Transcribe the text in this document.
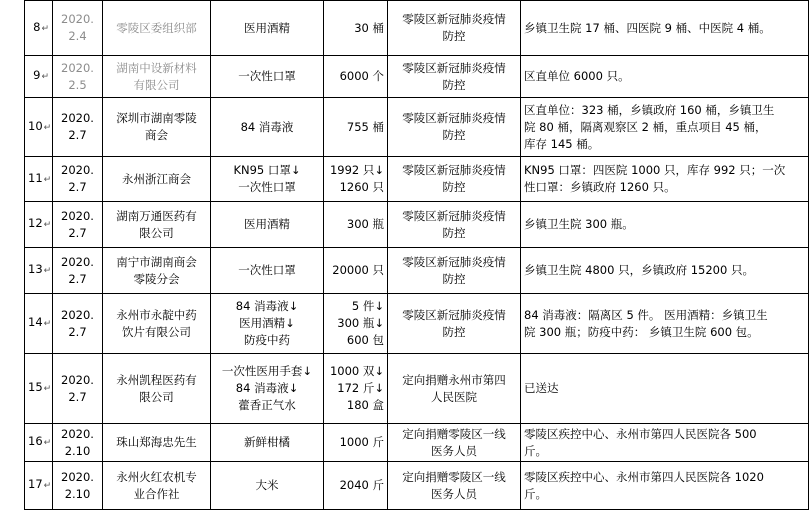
8↵	2020.
2.4	零陵区委组织部	医用酒精	30 桶	零陵区新冠肺炎疫情
防控	乡镇卫生院 17 桶、四医院 9 桶、中医院 4 桶。

9↵	2020.
2.5	湖南中设新材料
有限公司	一次性口罩	6000 个	零陵区新冠肺炎疫情
防控	区直单位 6000 只。

10↵	2020.
2.7	深圳市湖南零陵
商会	84 消毒液	755 桶	零陵区新冠肺炎疫情
防控	区直单位：323 桶，乡镇政府 160 桶，乡镇卫生
院 80 桶，隔离观察区 2 桶，重点项目 45 桶，
库存 145 桶。

11↵	2020.
2.7	永州浙江商会	KN95 口罩↓
一次性口罩	1992 只↓
1260 只	零陵区新冠肺炎疫情
防控	KN95 口罩：四医院 1000 只，库存 992 只；一次
性口罩：乡镇政府 1260 只。

12↵	2020.
2.7	湖南万通医药有
限公司	医用酒精	300 瓶	零陵区新冠肺炎疫情
防控	乡镇卫生院 300 瓶。

13↵	2020.
2.7	南宁市湖南商会
零陵分会	一次性口罩	20000 只	零陵区新冠肺炎疫情
防控	乡镇卫生院 4800 只，乡镇政府 15200 只。

14↵	2020.
2.7	永州市永靛中药
饮片有限公司	84 消毒液↓
医用酒精↓
防疫中药	5 件↓
300 瓶↓
600 包	零陵区新冠肺炎疫情
防控	84 消毒液：隔离区 5 件。 医用酒精：乡镇卫生
院 300 瓶；防疫中药： 乡镇卫生院 600 包。

15↵	2020.
2.7	永州凯程医药有
限公司	一次性医用手套↓
84 消毒液↓
藿香正气水	1000 双↓
172 斤↓
180 盒	定向捐赠永州市第四
人民医院	已送达

16↵	2020.
2.10	珠山郑海忠先生	新鲜柑橘	1000 斤	定向捐赠零陵区一线
医务人员	零陵区疾控中心、永州市第四人民医院各 500
斤。

17↵	2020.
2.10	永州火红农机专
业合作社	大米	2040 斤	定向捐赠零陵区一线
医务人员	零陵区疾控中心、永州市第四人民医院各 1020
斤。
